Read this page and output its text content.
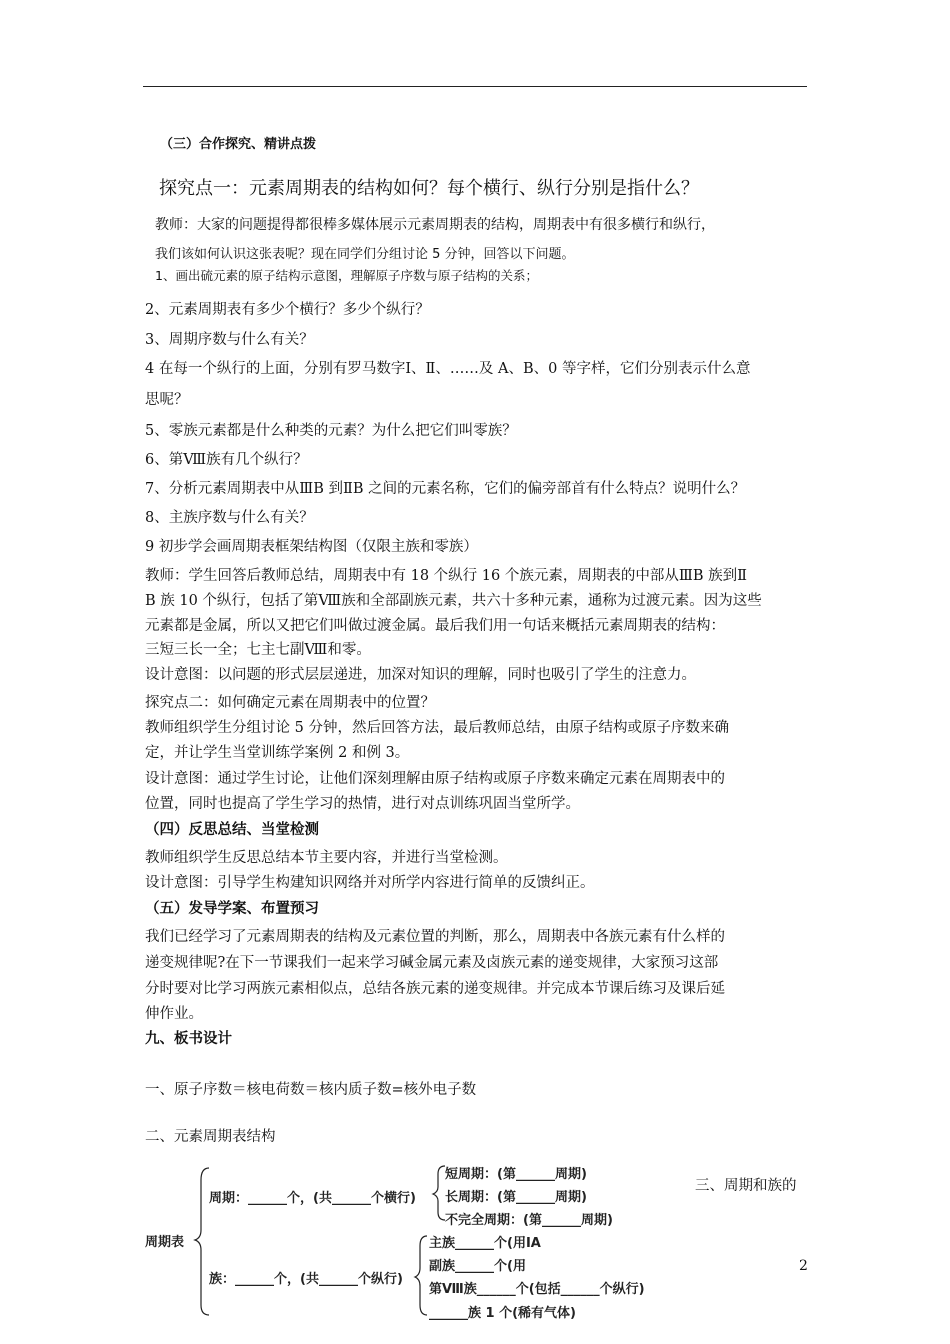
（三）合作探究、精讲点拨
探究点一：元素周期表的结构如何？每个横行、纵行分别是指什么？
教师：大家的问题提得都很棒多媒体展示元素周期表的结构，周期表中有很多横行和纵行，
我们该如何认识这张表呢？现在同学们分组讨论 5 分钟，回答以下问题。
1、画出硫元素的原子结构示意图，理解原子序数与原子结构的关系；
2、元素周期表有多少个横行？多少个纵行？
3、周期序数与什么有关？
4 在每一个纵行的上面，分别有罗马数字Ⅰ、Ⅱ、……及 A、B、0 等字样，它们分别表示什么意
思呢？
5、零族元素都是什么种类的元素？为什么把它们叫零族？
6、第Ⅷ族有几个纵行？
7、分析元素周期表中从ⅢB 到ⅡB 之间的元素名称，它们的偏旁部首有什么特点？说明什么？
8、主族序数与什么有关？
9 初步学会画周期表框架结构图（仅限主族和零族）
教师：学生回答后教师总结，周期表中有 18 个纵行 16 个族元素，周期表的中部从ⅢB 族到Ⅱ
B 族 10 个纵行，包括了第Ⅷ族和全部副族元素，共六十多种元素，通称为过渡元素。因为这些
元素都是金属，所以又把它们叫做过渡金属。最后我们用一句话来概括元素周期表的结构：
三短三长一全；七主七副Ⅷ和零。
设计意图：以问题的形式层层递进，加深对知识的理解，同时也吸引了学生的注意力。
探究点二：如何确定元素在周期表中的位置？
教师组织学生分组讨论 5 分钟，然后回答方法，最后教师总结，由原子结构或原子序数来确
定，并让学生当堂训练学案例 2 和例 3。
设计意图：通过学生讨论，让他们深刻理解由原子结构或原子序数来确定元素在周期表中的
位置，同时也提高了学生学习的热情，进行对点训练巩固当堂所学。
（四）反思总结、当堂检测
教师组织学生反思总结本节主要内容，并进行当堂检测。
设计意图：引导学生构建知识网络并对所学内容进行简单的反馈纠正。
（五）发导学案、布置预习
我们已经学习了元素周期表的结构及元素位置的判断，那么，周期表中各族元素有什么样的
递变规律呢?在下一节课我们一起来学习碱金属元素及卤族元素的递变规律，大家预习这部
分时要对比学习两族元素相似点，总结各族元素的递变规律。并完成本节课后练习及课后延
伸作业。
九、板书设计
一、原子序数＝核电荷数＝核内质子数=核外电子数
二、元素周期表结构
三、周期和族的
周期表
周期：______个，(共______个横行)
短周期：(第______周期)
长周期：(第______周期)
不完全周期：(第______周期)
族：______个，(共______个纵行)
主族______个(用ⅠA
副族______个(用
第Ⅷ族______个(包括______个纵行)
______族 1 个(稀有气体)
2
